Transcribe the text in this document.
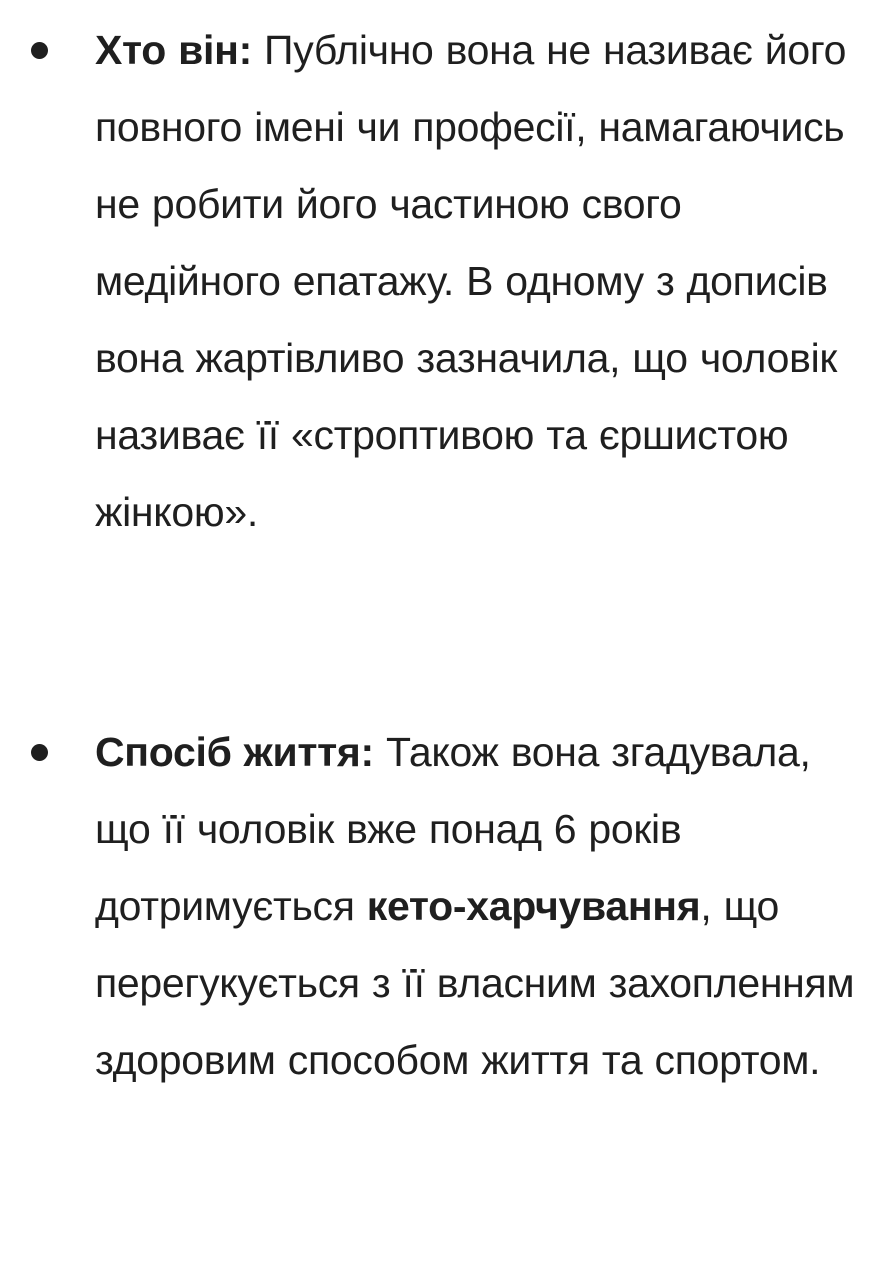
Хто він: Публічно вона не називає його повного імені чи професії, намагаючись не робити його частиною свого медійного епатажу. В одному з дописів вона жартівливо зазначила, що чоловік називає її «строптивою та єршистою жінкою».
Спосіб життя: Також вона згадувала, що її чоловік вже понад 6 років дотримується кето-харчування, що перегукується з її власним захопленням здоровим способом життя та спортом.
